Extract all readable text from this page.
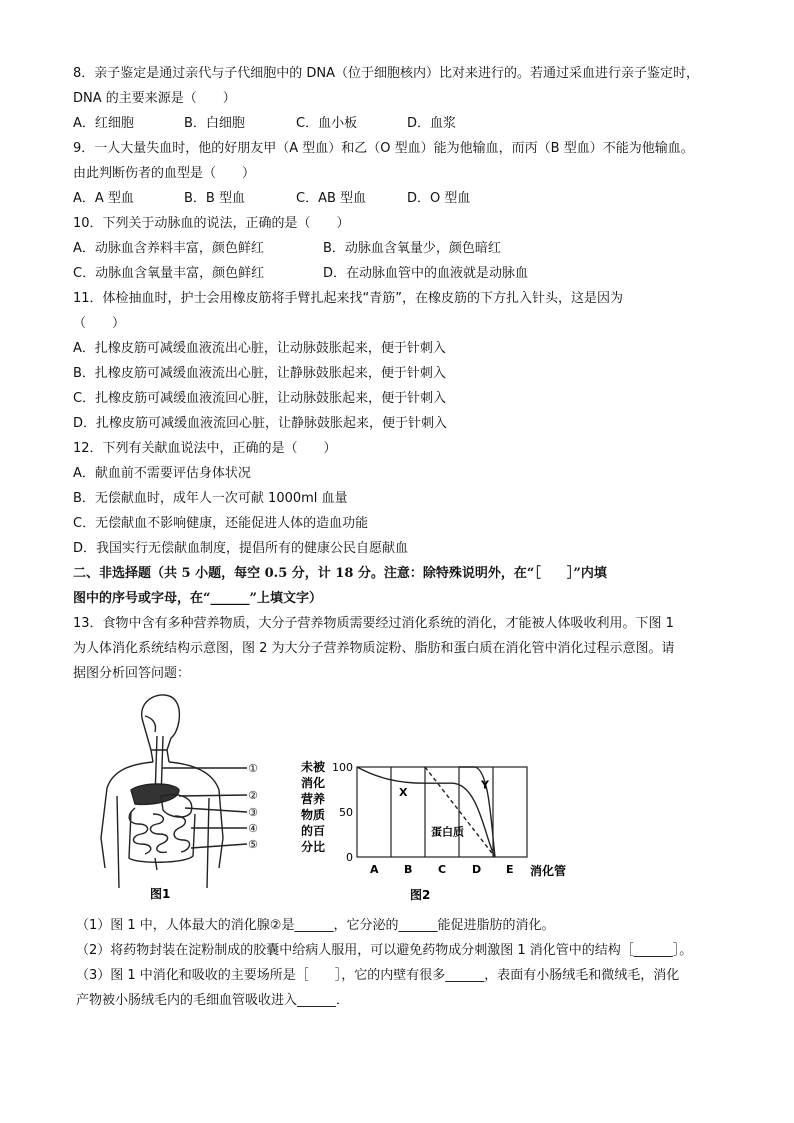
8．亲子鉴定是通过亲代与子代细胞中的 DNA（位于细胞核内）比对来进行的。若通过采血进行亲子鉴定时，
DNA 的主要来源是（　　）
A．红细胞	B．白细胞	C．血小板	D．血浆
9．一人大量失血时，他的好朋友甲（A 型血）和乙（O 型血）能为他输血，而丙（B 型血）不能为他输血。
由此判断伤者的血型是（　　）
A．A 型血	B．B 型血	C．AB 型血	D．O 型血
10．下列关于动脉血的说法，正确的是（　　）
A．动脉血含养料丰富，颜色鲜红	B．动脉血含氧量少，颜色暗红
C．动脉血含氧量丰富，颜色鲜红	D．在动脉血管中的血液就是动脉血
11．体检抽血时，护士会用橡皮筋将手臂扎起来找“青筋”，在橡皮筋的下方扎入针头，这是因为
（　　）
A．扎橡皮筋可减缓血液流出心脏，让动脉鼓胀起来，便于针刺入
B．扎橡皮筋可减缓血液流出心脏，让静脉鼓胀起来，便于针刺入
C．扎橡皮筋可减缓血液流回心脏，让动脉鼓胀起来，便于针刺入
D．扎橡皮筋可减缓血液流回心脏，让静脉鼓胀起来，便于针刺入
12．下列有关献血说法中，正确的是（　　）
A．献血前不需要评估身体状况
B．无偿献血时，成年人一次可献 1000ml 血量
C．无偿献血不影响健康，还能促进人体的造血功能
D．我国实行无偿献血制度，提倡所有的健康公民自愿献血
二、非选择题（共 5 小题，每空 0.5 分，计 18 分。注意：除特殊说明外，在“［　　］”内填
图中的序号或字母，在“______”上填文字）
13．食物中含有多种营养物质，大分子营养物质需要经过消化系统的消化，才能被人体吸收利用。下图 1
为人体消化系统结构示意图，图 2 为大分子营养物质淀粉、脂肪和蛋白质在消化管中消化过程示意图。请
据图分析回答问题：
①
②
③
④
⑤
图1
未被
消化
营养
物质
的百
分比
100
50
0
A B C D E
X
Y
蛋白质
消化管
图2
（1）图 1 中，人体最大的消化腺②是______，它分泌的______能促进脂肪的消化。
（2）将药物封装在淀粉制成的胶囊中给病人服用，可以避免药物成分刺激图 1 消化管中的结构［______］。
（3）图 1 中消化和吸收的主要场所是［　　］，它的内壁有很多______，表面有小肠绒毛和微绒毛，消化
产物被小肠绒毛内的毛细血管吸收进入______．
